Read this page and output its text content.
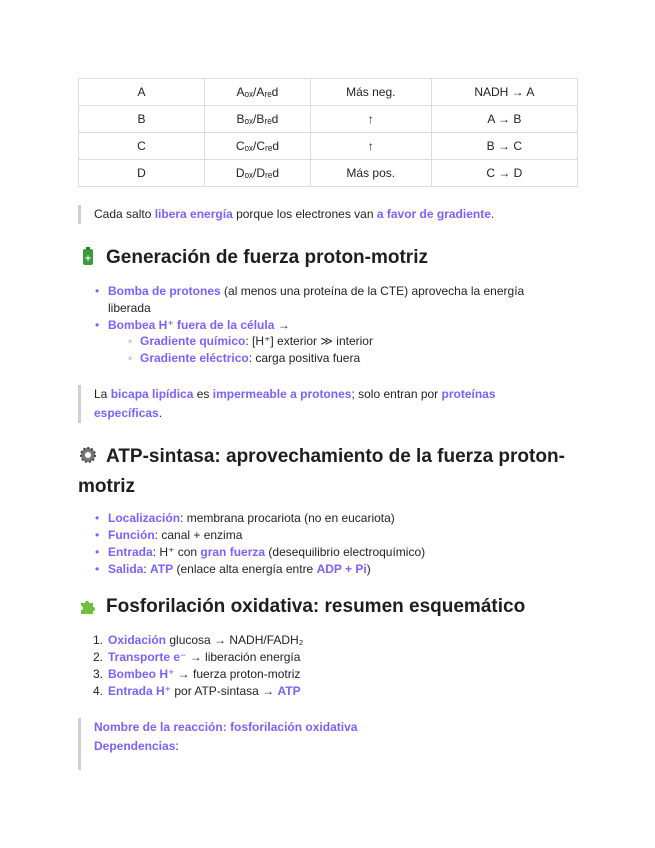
A	Aₒₓ/Aᵣₑd	Más neg.	NADH → A
B	Bₒₓ/Bᵣₑd	↑	A → B
C	Cₒₓ/Cᵣₑd	↑	B → C
D	Dₒₓ/Dᵣₑd	Más pos.	C → D

Cada salto libera energía porque los electrones van a favor de gradiente.

+ Generación de fuerza proton-motriz
• Bomba de protones (al menos una proteína de la CTE) aprovecha la energía liberada
• Bombea H⁺ fuera de la célula →
◦ Gradiente químico: [H⁺] exterior ≫ interior
◦ Gradiente eléctrico: carga positiva fuera

La bicapa lipídica es impermeable a protones; solo entran por proteínas específicas.

ATP-sintasa: aprovechamiento de la fuerza proton-
motriz
• Localización: membrana procariota (no en eucariota)
• Función: canal + enzima
• Entrada: H⁺ con gran fuerza (desequilibrio electroquímico)
• Salida: ATP (enlace alta energía entre ADP + Pi)
Fosforilación oxidativa: resumen esquemático
1. Oxidación glucosa → NADH/FADH₂
2. Transporte e⁻ → liberación energía
3. Bombeo H⁺ → fuerza proton-motriz
4. Entrada H⁺ por ATP-sintasa → ATP
Nombre de la reacción: fosforilación oxidativa
Dependencias:
